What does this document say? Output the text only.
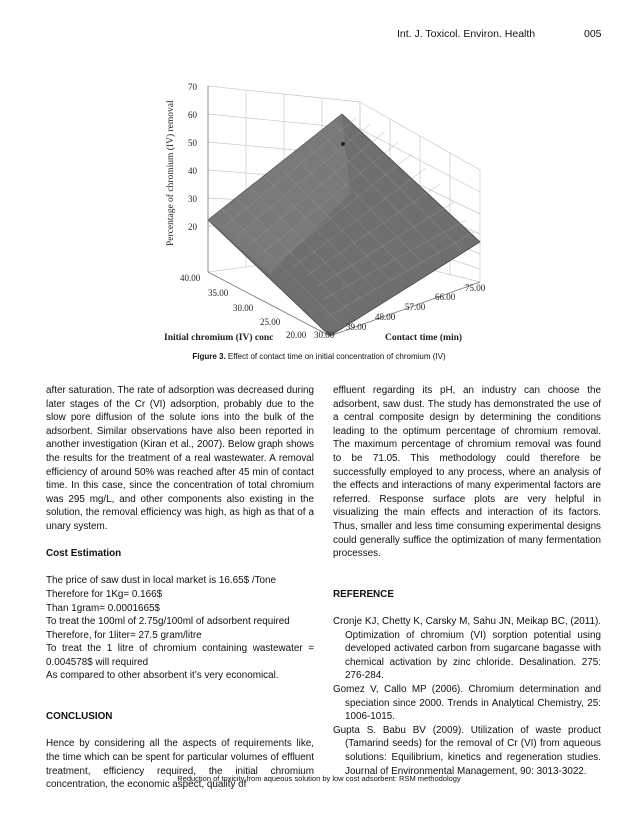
Int. J. Toxicol. Environ. Health	005
70
60
50
40
30
20
Percentage of chromium (IV) removal
40.00
35.00
30.00
25.00
20.00
Initial chromium (IV) conc	30.00
39.00
48.00
57.00
66.00
75.00
Contact time (min)
Figure 3. Effect of contact time on initial concentration of chromium (IV)

after saturation. The rate of adsorption was decreased during later stages of the Cr (VI) adsorption, probably due to the slow pore diffusion of the solute ions into the bulk of the adsorbent. Similar observations have also been reported in another investigation (Kiran et al., 2007). Below graph shows the results for the treatment of a real wastewater. A removal efficiency of around 50% was reached after 45 min of contact time. In this case, since the concentration of total chromium was 295 mg/L, and other components also existing in the solution, the removal efficiency was high, as high as that of a unary system.

Cost Estimation

The price of saw dust in local market is 16.65$ /Tone

Therefore for 1Kg= 0.166$

Than 1gram= 0.0001665$

To treat the 100ml of 2.75g/100ml of adsorbent required

Therefore, for 1liter= 27.5 gram/litre

To treat the 1 litre of chromium containing wastewater = 0.004578$ will required

As compared to other absorbent it’s very economical.

CONCLUSION

Hence by considering all the aspects of requirements like, the time which can be spent for particular volumes of effluent treatment, efficiency required, the initial chromium concentration, the economic aspect, quality of

effluent regarding its pH, an industry can choose the adsorbent, saw dust. The study has demonstrated the use of a central composite design by determining the conditions leading to the optimum percentage of chromium removal. The maximum percentage of chromium removal was found to be 71.05. This methodology could therefore be successfully employed to any process, where an analysis of the effects and interactions of many experimental factors are referred. Response surface plots are very helpful in visualizing the main effects and interaction of its factors. Thus, smaller and less time consuming experimental designs could generally suffice the optimization of many fermentation processes.

REFERENCE

Cronje KJ, Chetty K, Carsky M, Sahu JN, Meikap BC, (2011). Optimization of chromium (VI) sorption potential using developed activated carbon from sugarcane bagasse with chemical activation by zinc chloride. Desalination. 275: 276-284.

Gomez V, Callo MP (2006). Chromium determination and speciation since 2000. Trends in Analytical Chemistry, 25: 1006-1015.

Gupta S. Babu BV (2009). Utilization of waste product (Tamarind seeds) for the removal of Cr (VI) from aqueous solutions: Equilibrium, kinetics and regeneration studies. Journal of Environmental Management, 90: 3013-3022.

Reduction of toxicity from aqueous solution by low cost adsorbent: RSM methodology
